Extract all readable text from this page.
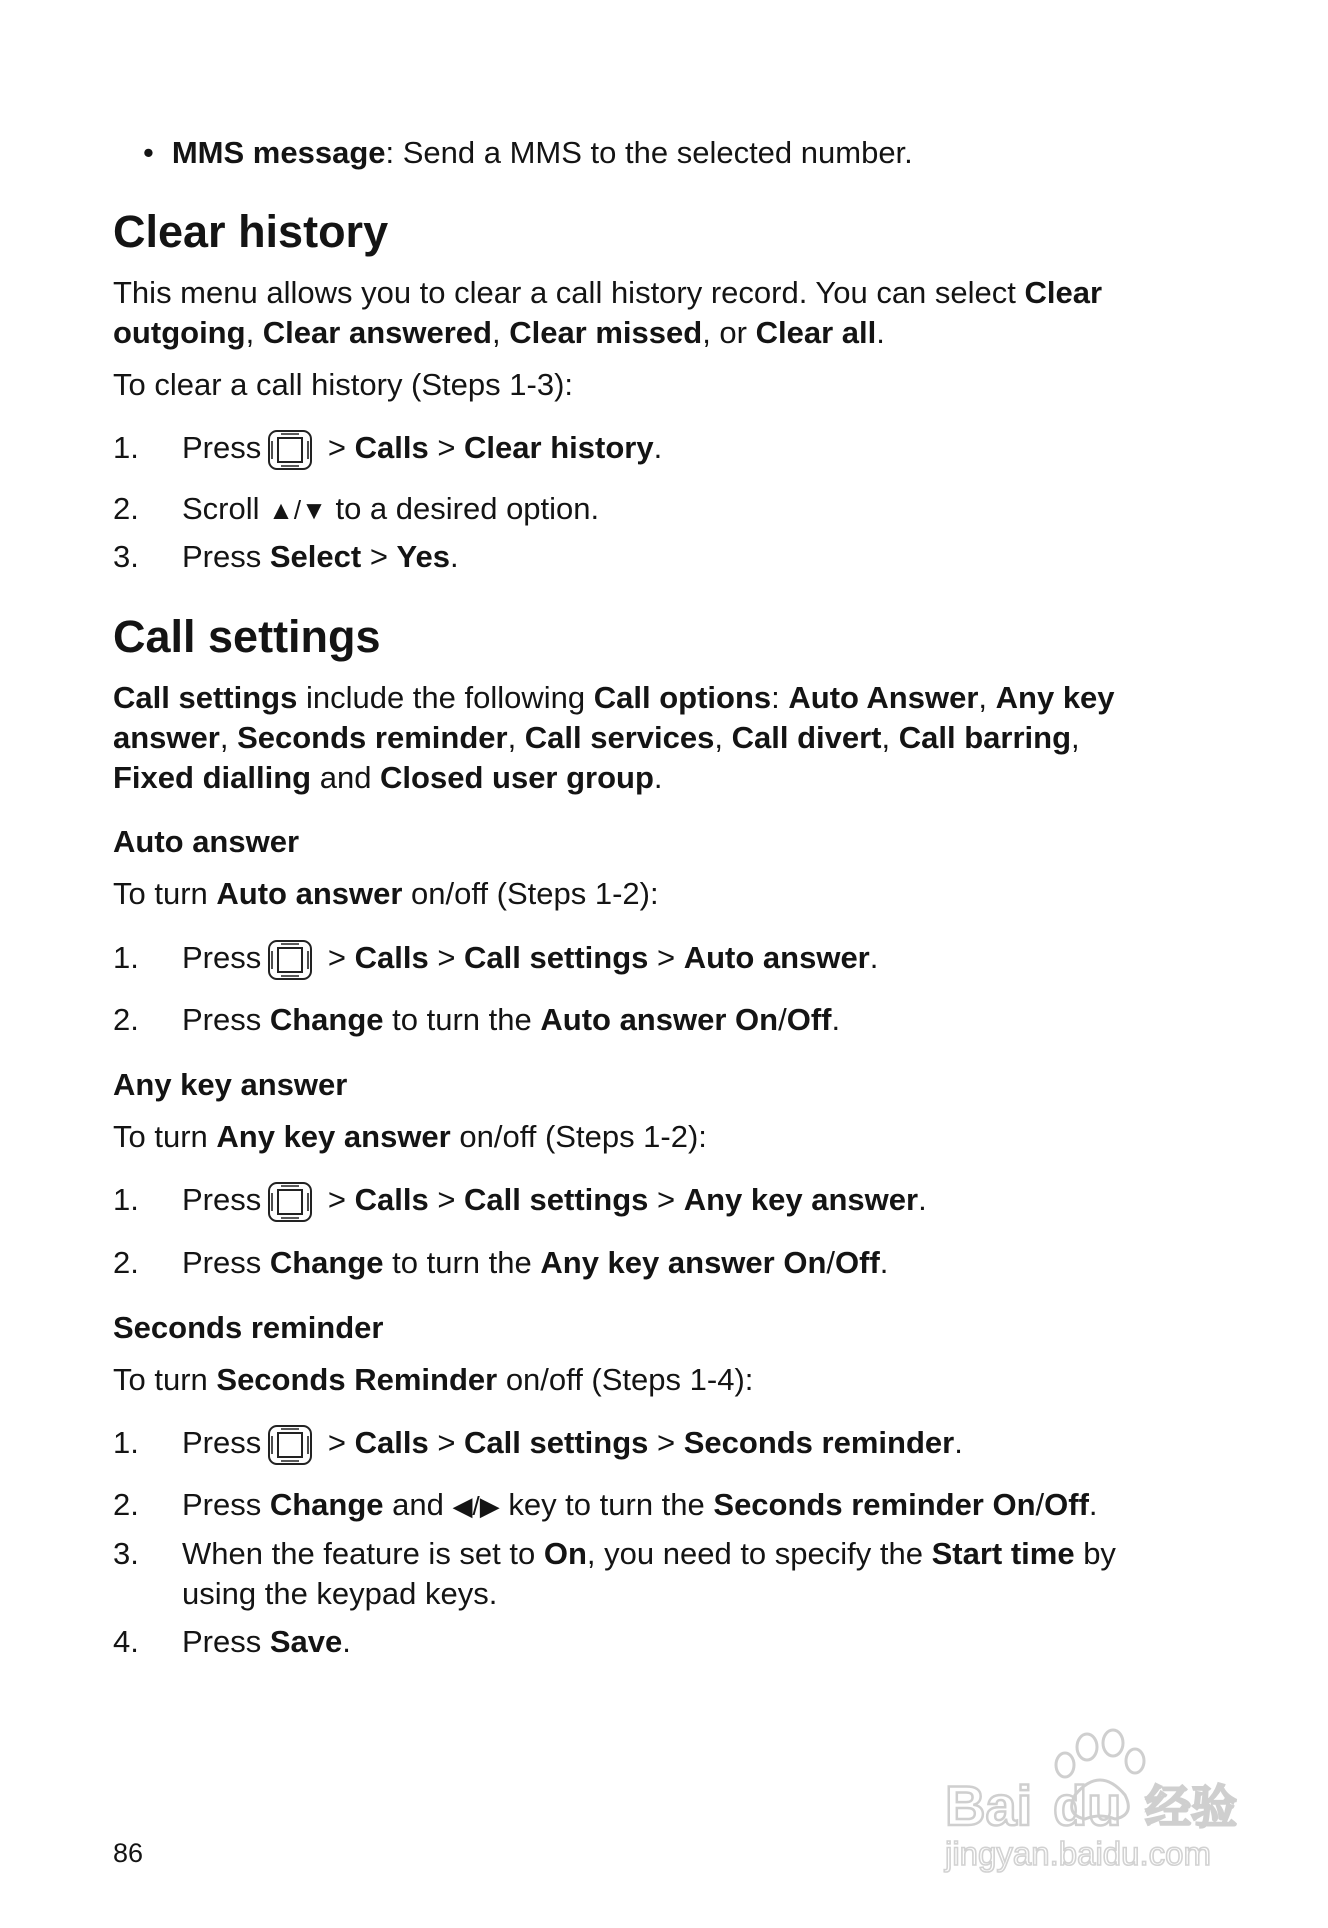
• MMS message: Send a MMS to the selected number.
Clear history
This menu allows you to clear a call history record. You can select Clear
outgoing, Clear answered, Clear missed, or Clear all.
To clear a call history (Steps 1-3):
1. Press
> Calls > Clear history.
2. Scroll ▲/▼ to a desired option.
3. Press Select > Yes.
Call settings
Call settings include the following Call options: Auto Answer, Any key
answer, Seconds reminder, Call services, Call divert, Call barring,
Fixed dialling and Closed user group.
Auto answer
To turn Auto answer on/off (Steps 1-2):
1. Press
> Calls > Call settings > Auto answer.
2. Press Change to turn the Auto answer On/Off.
Any key answer
To turn Any key answer on/off (Steps 1-2):
1. Press
> Calls > Call settings > Any key answer.
2. Press Change to turn the Any key answer On/Off.
Seconds reminder
To turn Seconds Reminder on/off (Steps 1-4):
1. Press
> Calls > Call settings > Seconds reminder.
2. Press Change and ◀/▶ key to turn the Seconds reminder On/Off.
3. When the feature is set to On, you need to specify the Start time by
using the keypad keys.
4. Press Save.
86
Bai du 经验
jingyan.baidu.com
